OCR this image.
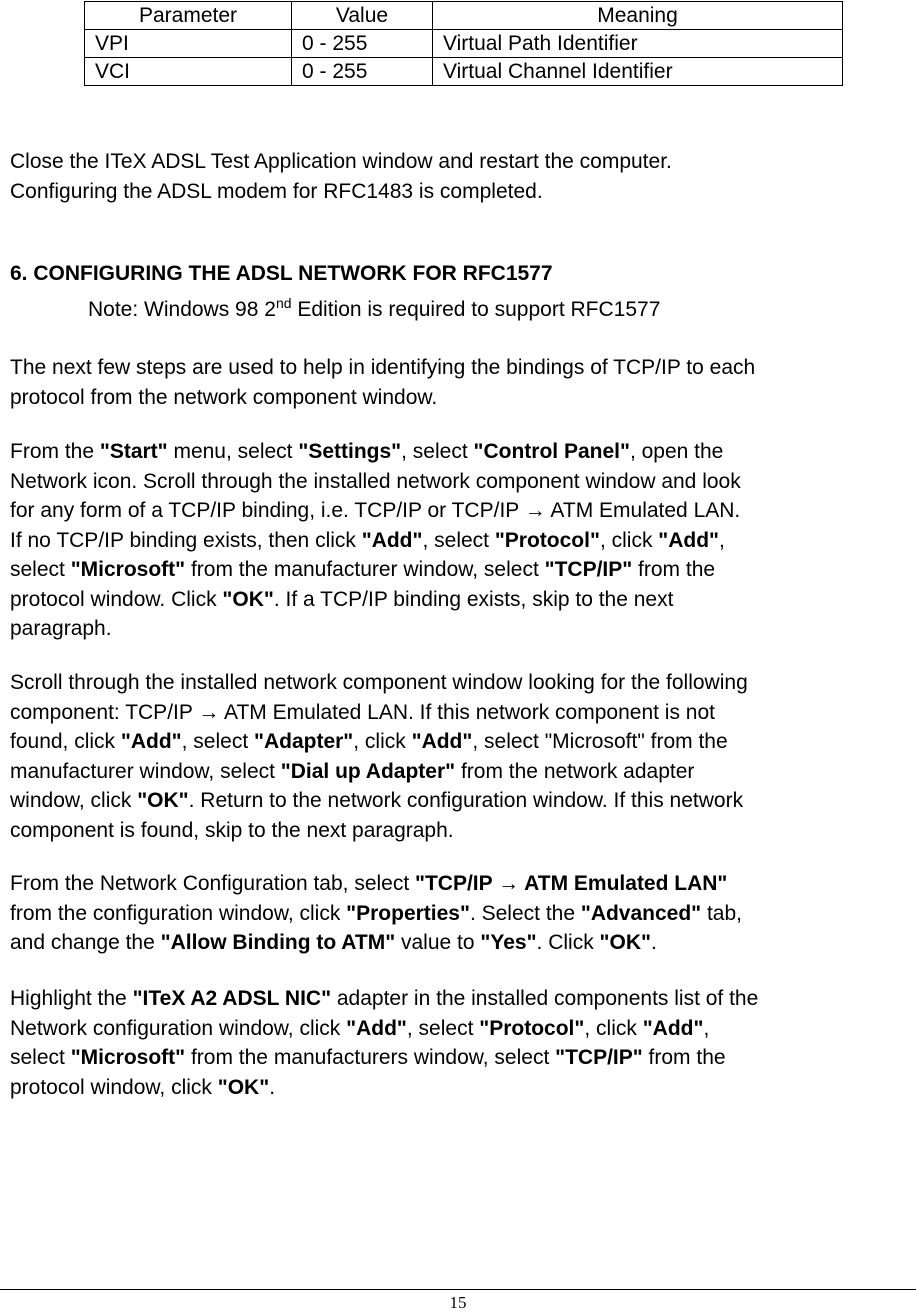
Parameter	Value	Meaning
VPI	0 - 255	Virtual Path Identifier
VCI	0 - 255	Virtual Channel Identifier

Close the ITeX ADSL Test Application window and restart the computer.
Configuring the ADSL modem for RFC1483 is completed.

6. CONFIGURING THE ADSL NETWORK FOR RFC1577

Note: Windows 98 2nd Edition is required to support RFC1577

The next few steps are used to help in identifying the bindings of TCP/IP to each
protocol from the network component window.

From the "Start" menu, select "Settings", select "Control Panel", open the
Network icon. Scroll through the installed network component window and look
for any form of a TCP/IP binding, i.e. TCP/IP or TCP/IP → ATM Emulated LAN.
If no TCP/IP binding exists, then click "Add", select "Protocol", click "Add",
select "Microsoft" from the manufacturer window, select "TCP/IP" from the
protocol window. Click "OK". If a TCP/IP binding exists, skip to the next
paragraph.

Scroll through the installed network component window looking for the following
component: TCP/IP → ATM Emulated LAN. If this network component is not
found, click "Add", select "Adapter", click "Add", select "Microsoft" from the
manufacturer window, select "Dial up Adapter" from the network adapter
window, click "OK". Return to the network configuration window. If this network
component is found, skip to the next paragraph.

From the Network Configuration tab, select "TCP/IP → ATM Emulated LAN"
from the configuration window, click "Properties". Select the "Advanced" tab,
and change the "Allow Binding to ATM" value to "Yes". Click "OK".

Highlight the "ITeX A2 ADSL NIC" adapter in the installed components list of the
Network configuration window, click "Add", select "Protocol", click "Add",
select "Microsoft" from the manufacturers window, select "TCP/IP" from the
protocol window, click "OK".

15
